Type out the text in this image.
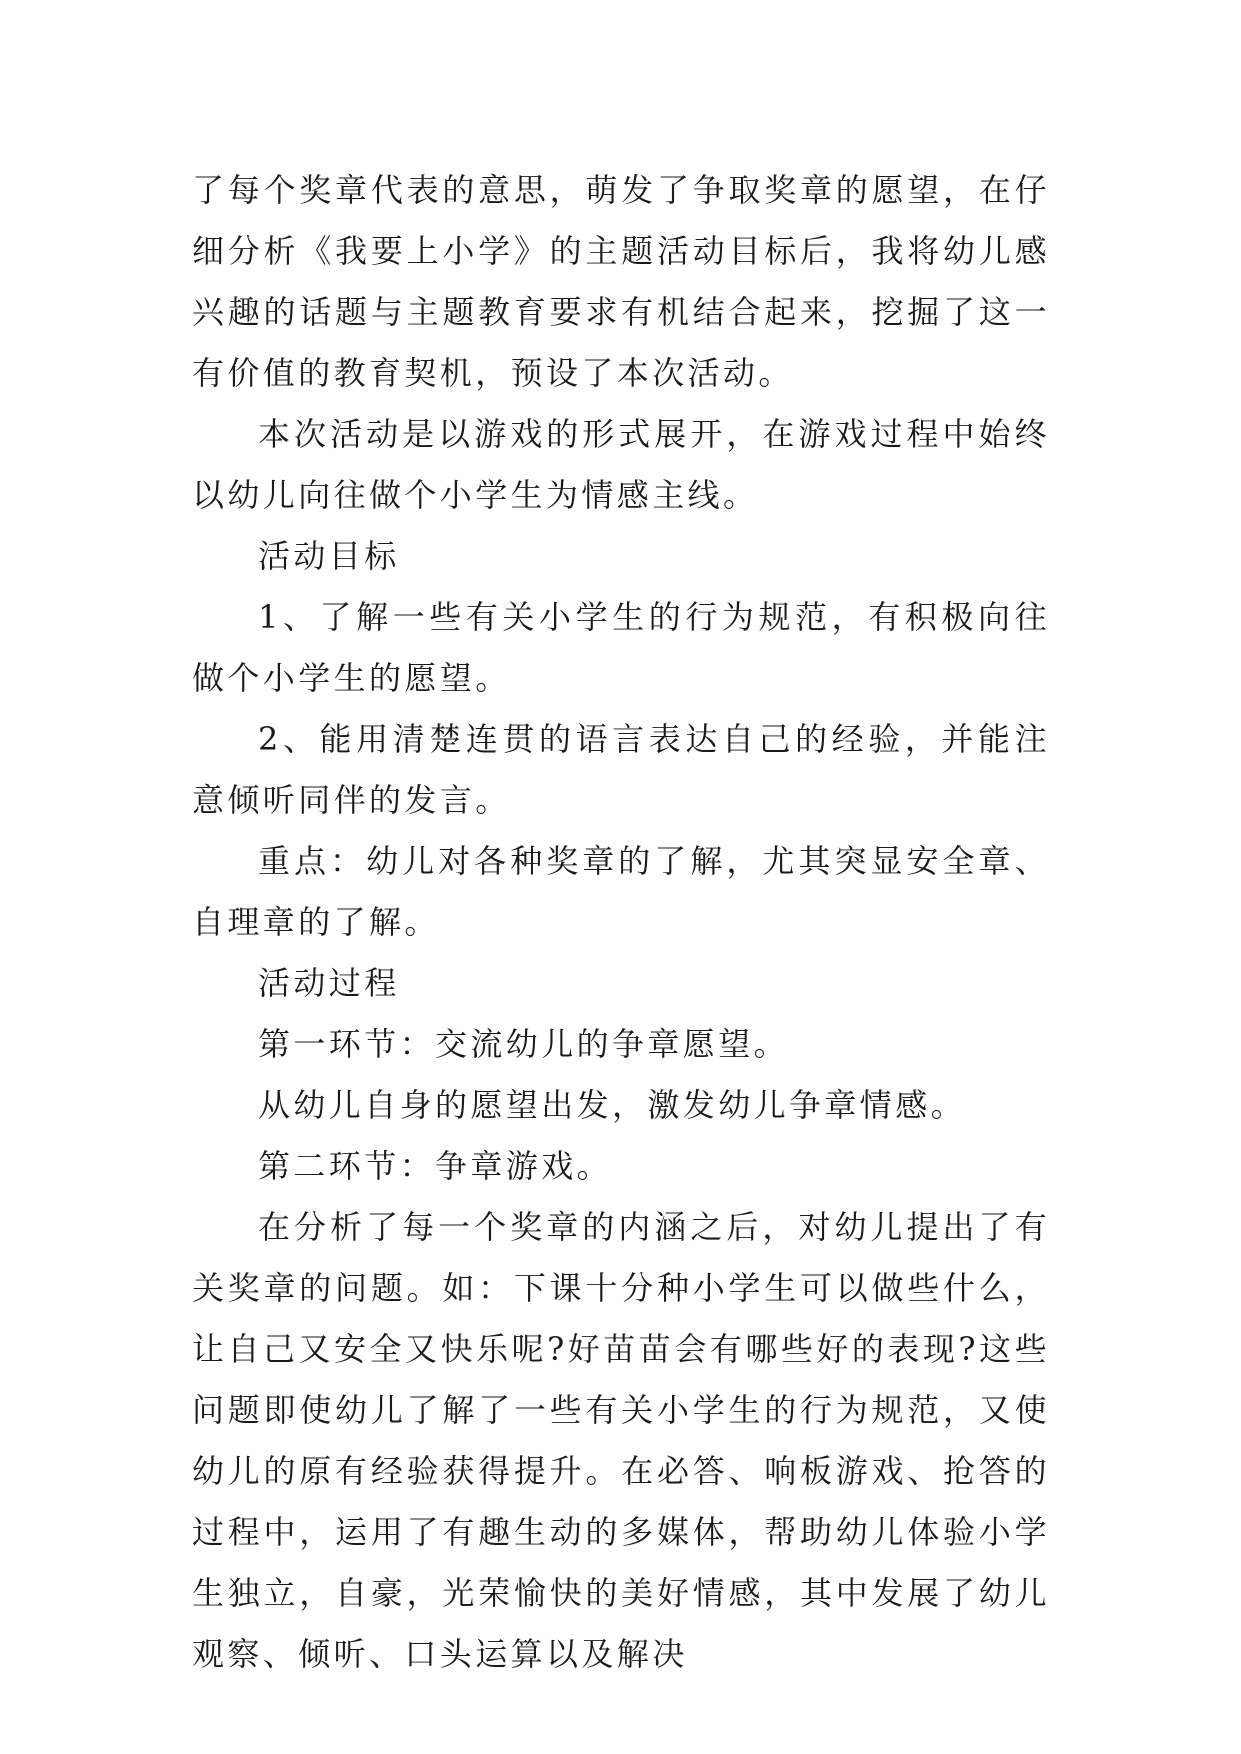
了每个奖章代表的意思，萌发了争取奖章的愿望，在仔细分析《我要上小学》的主题活动目标后，我将幼儿感兴趣的话题与主题教育要求有机结合起来，挖掘了这一有价值的教育契机，预设了本次活动。

本次活动是以游戏的形式展开，在游戏过程中始终以幼儿向往做个小学生为情感主线。

活动目标

1、了解一些有关小学生的行为规范，有积极向往做个小学生的愿望。

2、能用清楚连贯的语言表达自己的经验，并能注意倾听同伴的发言。

重点：幼儿对各种奖章的了解，尤其突显安全章、自理章的了解。

活动过程

第一环节：交流幼儿的争章愿望。

从幼儿自身的愿望出发，激发幼儿争章情感。

第二环节：争章游戏。

在分析了每一个奖章的内涵之后，对幼儿提出了有关奖章的问题。如：下课十分种小学生可以做些什么，让自己又安全又快乐呢?好苗苗会有哪些好的表现?这些问题即使幼儿了解了一些有关小学生的行为规范，又使幼儿的原有经验获得提升。在必答、响板游戏、抢答的过程中，运用了有趣生动的多媒体，帮助幼儿体验小学生独立，自豪，光荣愉快的美好情感，其中发展了幼儿观察、倾听、口头运算以及解决
